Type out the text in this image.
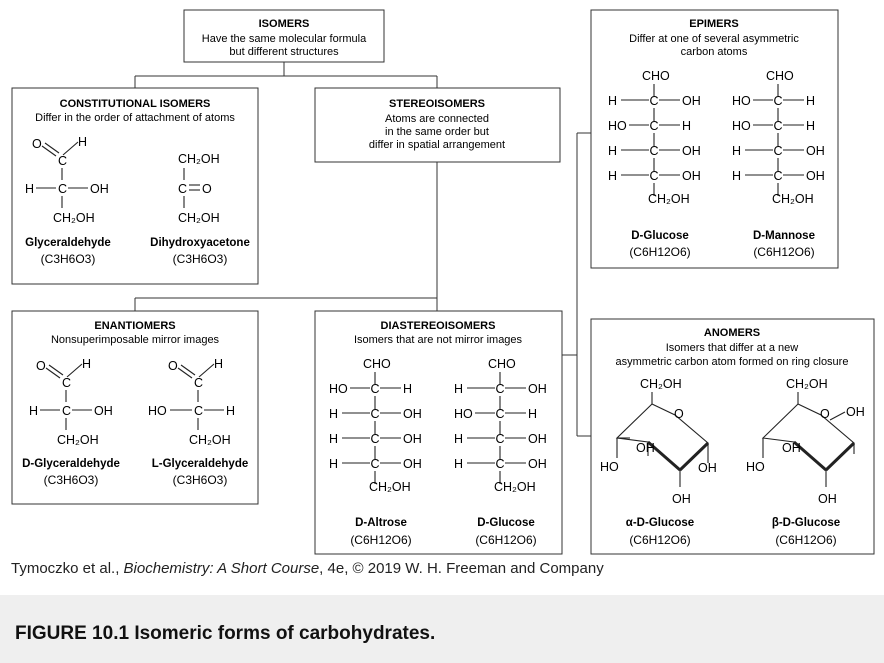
ISOMERS
Have the same molecular formula
but different structures
CONSTITUTIONAL ISOMERS
Differ in the order of attachment of atoms
O	H
C
H C OH
CH₂OH
CH₂OH
C O
CH₂OH
Glyceraldehyde
(C3H6O3)
Dihydroxyacetone
(C3H6O3)
STEREOISOMERS
Atoms are connected
in the same order but
differ in spatial arrangement
EPIMERS
Differ at one of several asymmetric
carbon atoms
CHO
H	C OH
HO C H
H	C OH
H	C OH
CH₂OH
CHO
HO C H
HO C H
H	C OH
H	C OH
CH₂OH
D-Glucose
(C6H12O6)
D-Mannose
(C6H12O6)
ENANTIOMERS
Nonsuperimposable mirror images
O	H
C
H C OH
CH₂OH
O	H
C
HO C H
CH₂OH
D-Glyceraldehyde
(C3H6O3)
L-Glyceraldehyde
(C3H6O3)
DIASTEREOISOMERS
Isomers that are not mirror images
CHO
HO C H
H	C OH
H	C OH
H	C OH
CH₂OH
CHO
H	C OH
HO C H
H	C OH
H	C OH
CH₂OH
D-Altrose
(C6H12O6)
D-Glucose
(C6H12O6)
ANOMERS
Isomers that differ at a new
asymmetric carbon atom formed on ring closure
CH₂OH
O
OH
HO	OH
OH
CH₂OH
O OH
OH
HO
OH
α-D-Glucose
(C6H12O6)
β-D-Glucose
(C6H12O6)
Tymoczko et al., Biochemistry: A Short Course, 4e, © 2019 W. H. Freeman and Company
FIGURE 10.1 Isomeric forms of carbohydrates.
